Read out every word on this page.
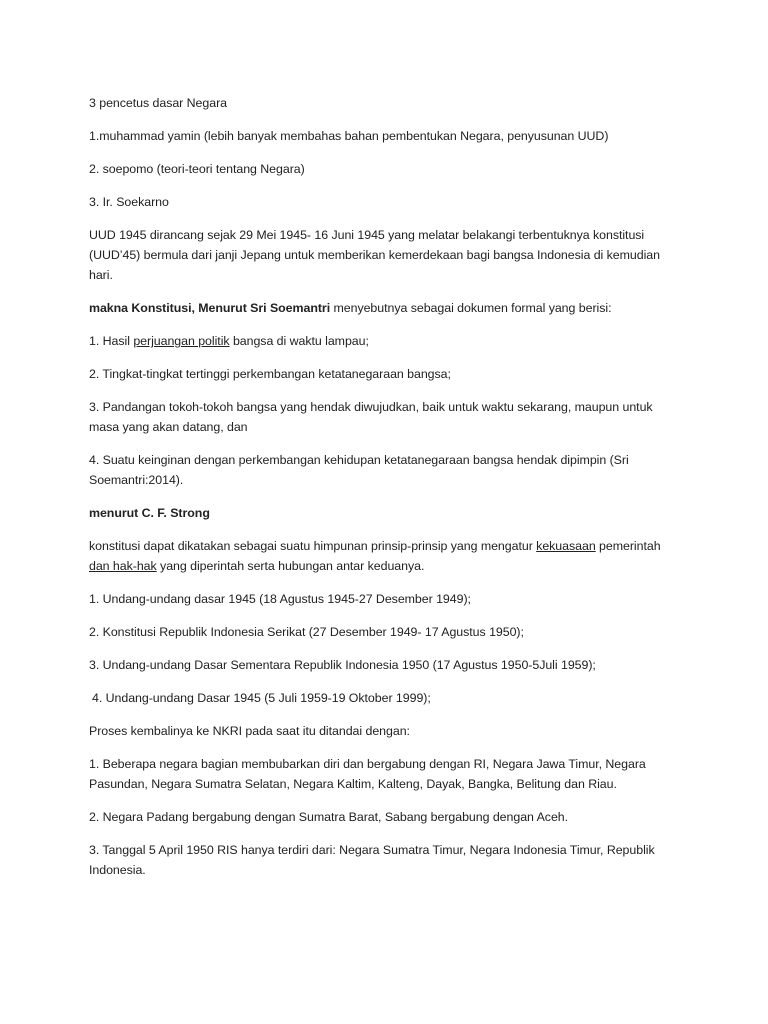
3 pencetus dasar Negara

1.muhammad yamin (lebih banyak membahas bahan pembentukan Negara, penyusunan UUD)

2. soepomo (teori-teori tentang Negara)

3. Ir. Soekarno

UUD 1945 dirancang sejak 29 Mei 1945- 16 Juni 1945 yang melatar belakangi terbentuknya konstitusi (UUD’45) bermula dari janji Jepang untuk memberikan kemerdekaan bagi bangsa Indonesia di kemudian hari.

makna Konstitusi, Menurut Sri Soemantri menyebutnya sebagai dokumen formal yang berisi:

1. Hasil perjuangan politik bangsa di waktu lampau;

2. Tingkat-tingkat tertinggi perkembangan ketatanegaraan bangsa;

3. Pandangan tokoh-tokoh bangsa yang hendak diwujudkan, baik untuk waktu sekarang, maupun untuk masa yang akan datang, dan

4. Suatu keinginan dengan perkembangan kehidupan ketatanegaraan bangsa hendak dipimpin (Sri Soemantri:2014).

menurut C. F. Strong

konstitusi dapat dikatakan sebagai suatu himpunan prinsip-prinsip yang mengatur kekuasaan pemerintah dan hak-hak yang diperintah serta hubungan antar keduanya.

1. Undang-undang dasar 1945 (18 Agustus 1945-27 Desember 1949);

2. Konstitusi Republik Indonesia Serikat (27 Desember 1949- 17 Agustus 1950);

3. Undang-undang Dasar Sementara Republik Indonesia 1950 (17 Agustus 1950-5Juli 1959);

4. Undang-undang Dasar 1945 (5 Juli 1959-19 Oktober 1999);

Proses kembalinya ke NKRI pada saat itu ditandai dengan:

1. Beberapa negara bagian membubarkan diri dan bergabung dengan RI, Negara Jawa Timur, Negara Pasundan, Negara Sumatra Selatan, Negara Kaltim, Kalteng, Dayak, Bangka, Belitung dan Riau.

2. Negara Padang bergabung dengan Sumatra Barat, Sabang bergabung dengan Aceh.

3. Tanggal 5 April 1950 RIS hanya terdiri dari: Negara Sumatra Timur, Negara Indonesia Timur, Republik Indonesia.
